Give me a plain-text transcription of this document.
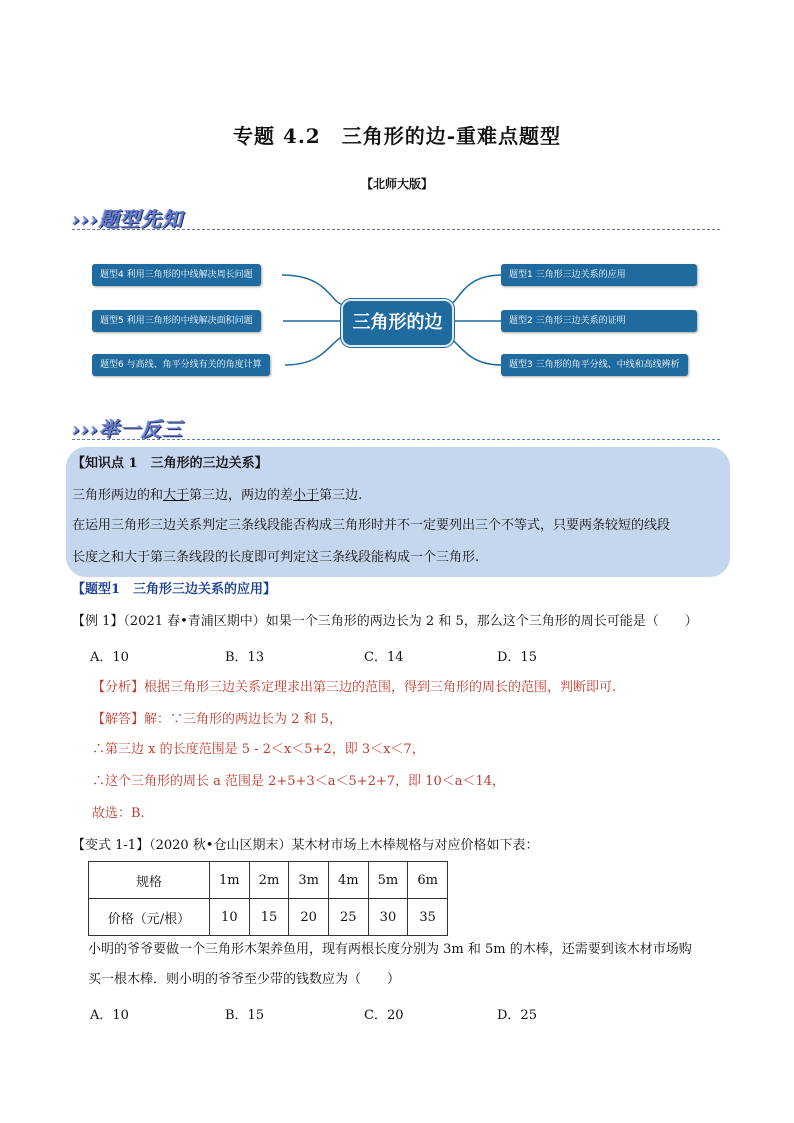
专题 4.2　三角形的边-重难点题型
【北师大版】
›››题型先知
题型4 利用三角形的中线解决周长问题
题型5 利用三角形的中线解决面积问题
题型6 与高线、角平分线有关的角度计算
题型1 三角形三边关系的应用
题型2 三角形三边关系的证明
题型3 三角形的角平分线、中线和高线辨析
三角形的边
›››举一反三
【知识点 1　三角形的三边关系】
三角形两边的和大于第三边，两边的差小于第三边.
在运用三角形三边关系判定三条线段能否构成三角形时并不一定要列出三个不等式，只要两条较短的线段
长度之和大于第三条线段的长度即可判定这三条线段能构成一个三角形.
【题型1　三角形三边关系的应用】
【例 1】（2021 春•青浦区期中）如果一个三角形的两边长为 2 和 5，那么这个三角形的周长可能是（　　）
A．10	B．13	C．14	D．15
【分析】根据三角形三边关系定理求出第三边的范围，得到三角形的周长的范围，判断即可.
【解答】解：∵三角形的两边长为 2 和 5，
∴第三边 x 的长度范围是 5 - 2＜x＜5+2，即 3＜x＜7，
∴这个三角形的周长 a 范围是 2+5+3＜a＜5+2+7，即 10＜a＜14，
故选：B.
【变式 1-1】（2020 秋•仓山区期末）某木材市场上木棒规格与对应价格如下表：
规格	1m	2m	3m	4m	5m	6m
价格（元/根）	10	15	20	25	30	35
小明的爷爷要做一个三角形木架养鱼用，现有两根长度分别为 3m 和 5m 的木棒，还需要到该木材市场购
买一根木棒．则小明的爷爷至少带的钱数应为（　　）
A．10	B．15	C．20	D．25
